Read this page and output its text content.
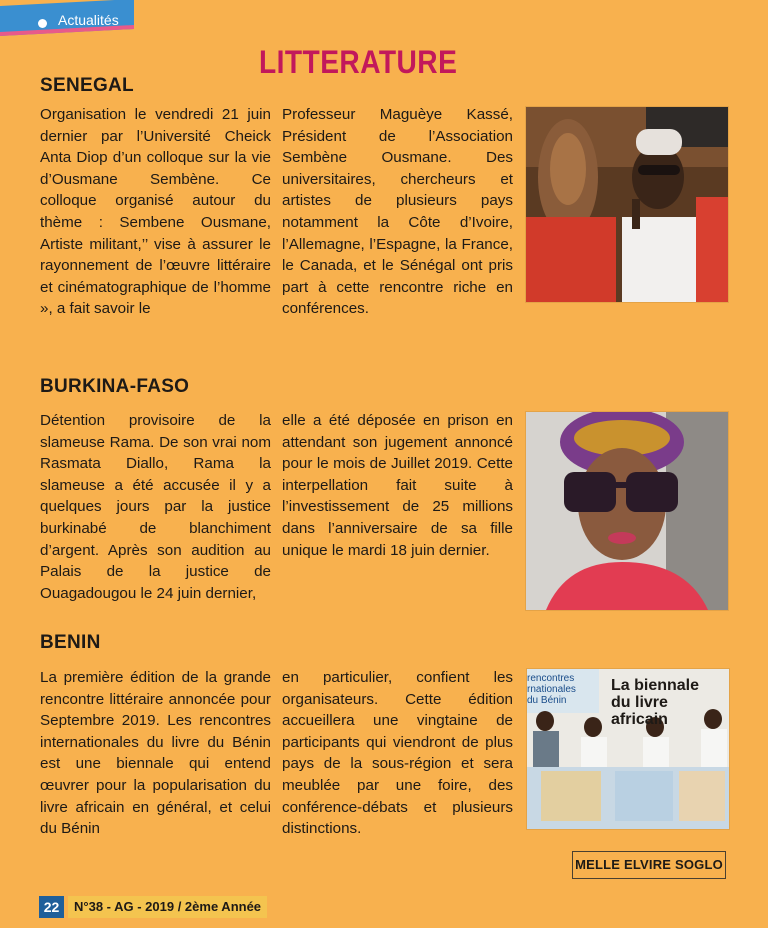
Actualités
LITTERATURE
SENEGAL
Organisation le vendredi 21 juin dernier par l’Université Cheick Anta Diop d’un colloque sur la vie d’Ousmane Sembène. Ce colloque organisé autour du thème : Sembene Ousmane, Artiste militant,’’ vise à assurer le rayonnement de l’œuvre littéraire et cinématographique de l’homme », a fait savoir le
Professeur Maguèye Kassé, Président de l’Association Sembène Ousmane. Des universitaires, chercheurs et artistes de plusieurs pays notamment la Côte d’Ivoire, l’Allemagne, l’Espagne, la France, le Canada, et le Sénégal ont pris part à cette rencontre riche en conférences.
BURKINA-FASO
Détention provisoire de la slameuse Rama. De son vrai nom Rasmata Diallo, Rama la slameuse a été accusée il y a quelques jours par la justice burkinabé de blanchiment d’argent. Après son audition au Palais de la justice de Ouagadougou le 24 juin dernier,
elle a été déposée en prison en attendant son jugement annoncé pour le mois de Juillet 2019. Cette interpellation fait suite à l’investissement de 25 millions dans l’anniversaire de sa fille unique le mardi 18 juin dernier.
BENIN
La première édition de la grande rencontre littéraire annoncée pour Septembre 2019. Les rencontres internationales du livre du Bénin est une biennale qui entend œuvrer pour la popularisation du livre africain en général, et celui du Bénin
en particulier, confient les organisateurs. Cette édition accueillera une vingtaine de participants qui viendront de plus pays de la sous-région et sera meublée par une foire, des conférence-débats et plusieurs distinctions.
rencontres
rnationales
du Bénin
La biennale
du livre africain
MELLE ELVIRE SOGLO
22	N°38 - AG - 2019 / 2ème Année
